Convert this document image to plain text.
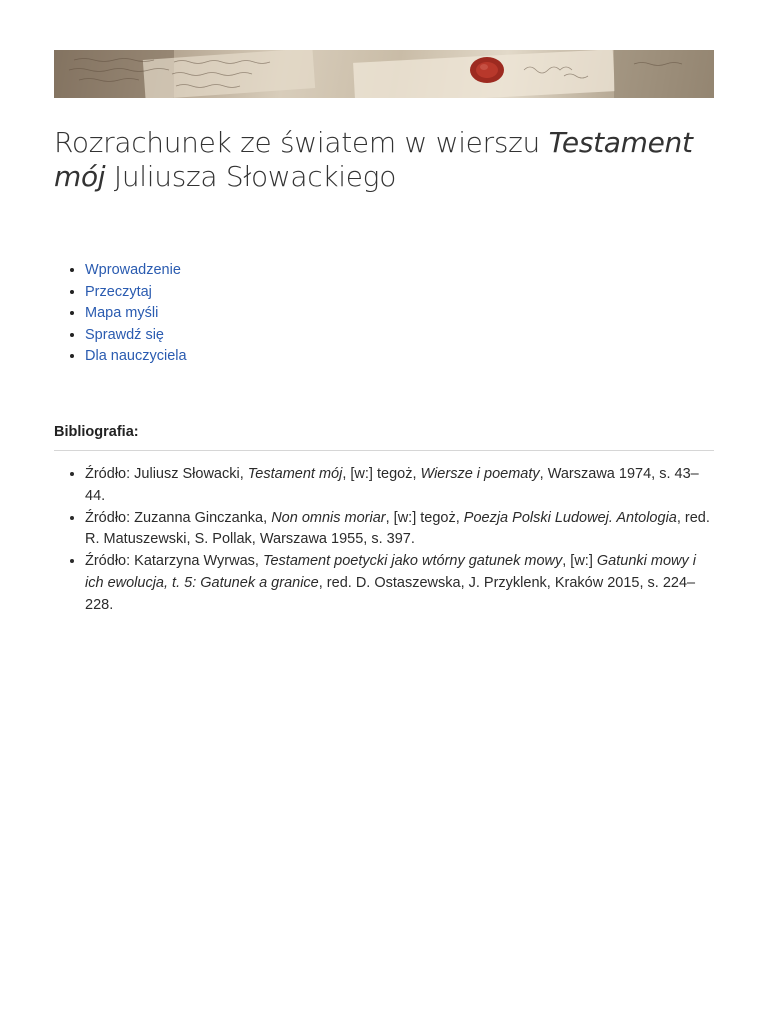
Rozrachunek ze światem w wierszu Testament mój Juliusza Słowackiego
• Wprowadzenie
• Przeczytaj
• Mapa myśli
• Sprawdź się
• Dla nauczyciela

Bibliografia:

• Źródło: Juliusz Słowacki, Testament mój, [w:] tegoż, Wiersze i poematy, Warszawa 1974, s. 43–44.
• Źródło: Zuzanna Ginczanka, Non omnis moriar, [w:] tegoż, Poezja Polski Ludowej. Antologia, red. R. Matuszewski, S. Pollak, Warszawa 1955, s. 397.
• Źródło: Katarzyna Wyrwas, Testament poetycki jako wtórny gatunek mowy, [w:] Gatunki mowy i ich ewolucja, t. 5: Gatunek a granice, red. D. Ostaszewska, J. Przyklenk, Kraków 2015, s. 224–228.
